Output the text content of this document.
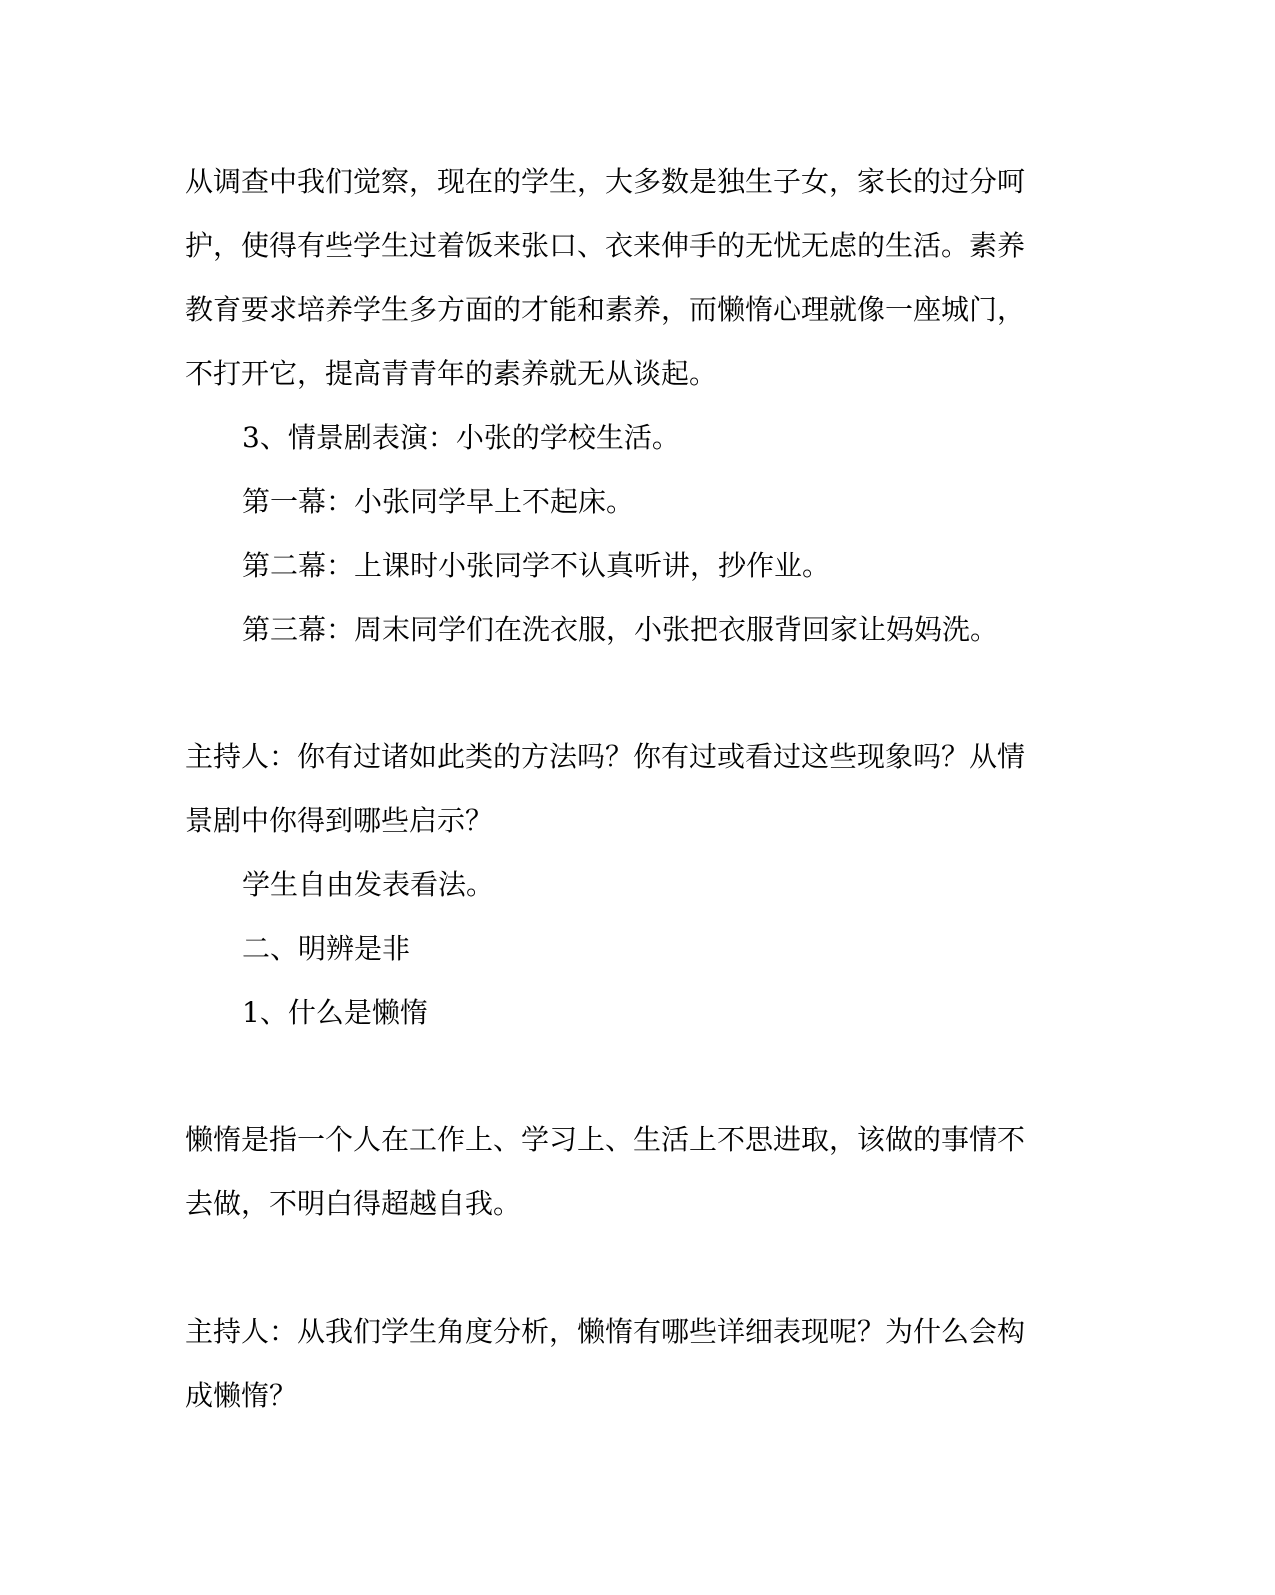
从调查中我们觉察，现在的学生，大多数是独生子女，家长的过分呵
护，使得有些学生过着饭来张口、衣来伸手的无忧无虑的生活。素养
教育要求培养学生多方面的才能和素养，而懒惰心理就像一座城门，
不打开它，提高青青年的素养就无从谈起。

3、情景剧表演：小张的学校生活。

第一幕：小张同学早上不起床。

第二幕：上课时小张同学不认真听讲，抄作业。

第三幕：周末同学们在洗衣服，小张把衣服背回家让妈妈洗。

主持人：你有过诸如此类的方法吗？你有过或看过这些现象吗？从情
景剧中你得到哪些启示？

学生自由发表看法。

二、明辨是非

1、什么是懒惰

懒惰是指一个人在工作上、学习上、生活上不思进取，该做的事情不
去做，不明白得超越自我。

主持人：从我们学生角度分析，懒惰有哪些详细表现呢？为什么会构
成懒惰？
